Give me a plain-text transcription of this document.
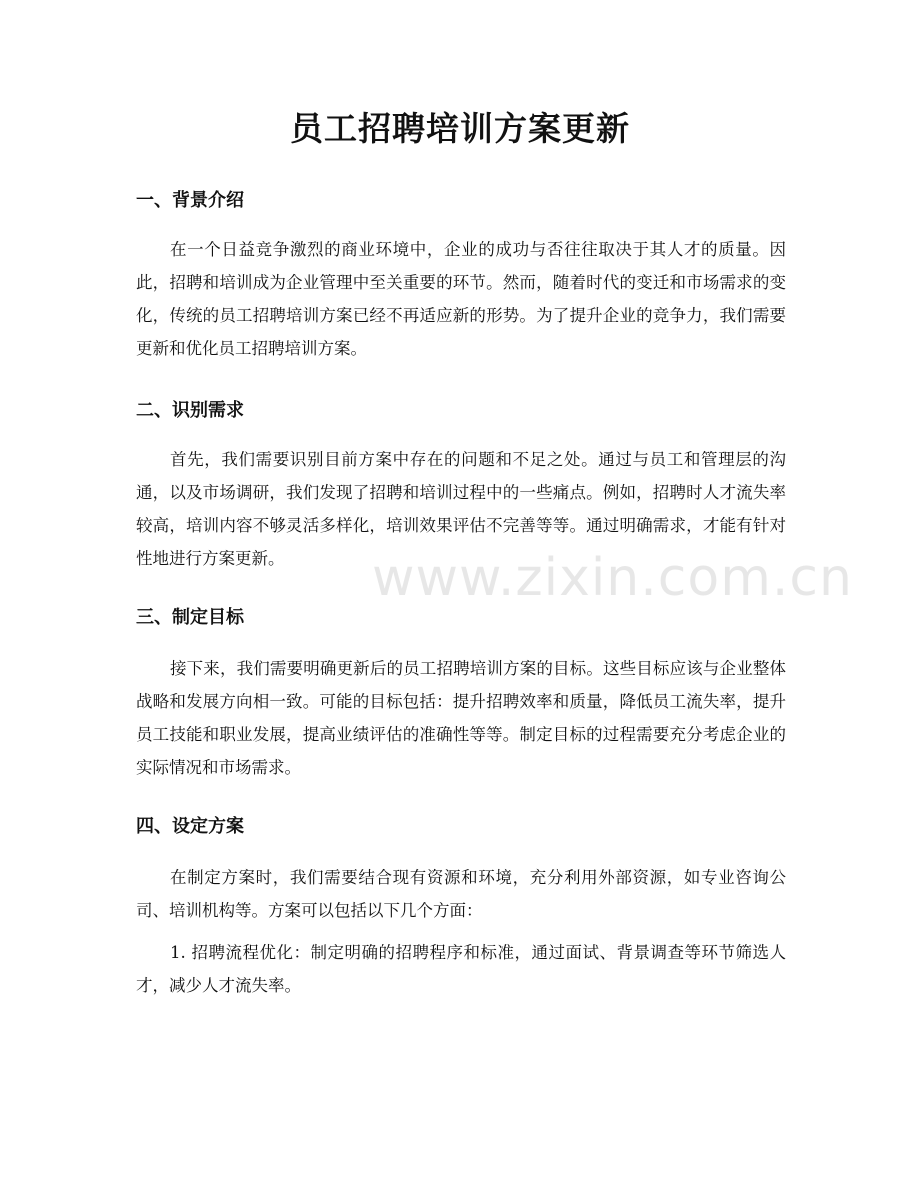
员工招聘培训方案更新
一、背景介绍

在一个日益竞争激烈的商业环境中，企业的成功与否往往取决于其人才的质量。因此，招聘和培训成为企业管理中至关重要的环节。然而，随着时代的变迁和市场需求的变化，传统的员工招聘培训方案已经不再适应新的形势。为了提升企业的竞争力，我们需要更新和优化员工招聘培训方案。

二、识别需求

首先，我们需要识别目前方案中存在的问题和不足之处。通过与员工和管理层的沟通，以及市场调研，我们发现了招聘和培训过程中的一些痛点。例如，招聘时人才流失率较高，培训内容不够灵活多样化，培训效果评估不完善等等。通过明确需求，才能有针对性地进行方案更新。

三、制定目标

接下来，我们需要明确更新后的员工招聘培训方案的目标。这些目标应该与企业整体战略和发展方向相一致。可能的目标包括：提升招聘效率和质量，降低员工流失率，提升员工技能和职业发展，提高业绩评估的准确性等等。制定目标的过程需要充分考虑企业的实际情况和市场需求。

四、设定方案

在制定方案时，我们需要结合现有资源和环境，充分利用外部资源，如专业咨询公司、培训机构等。方案可以包括以下几个方面：

1. 招聘流程优化：制定明确的招聘程序和标准，通过面试、背景调查等环节筛选人才，减少人才流失率。

www.zixin.com.cn
